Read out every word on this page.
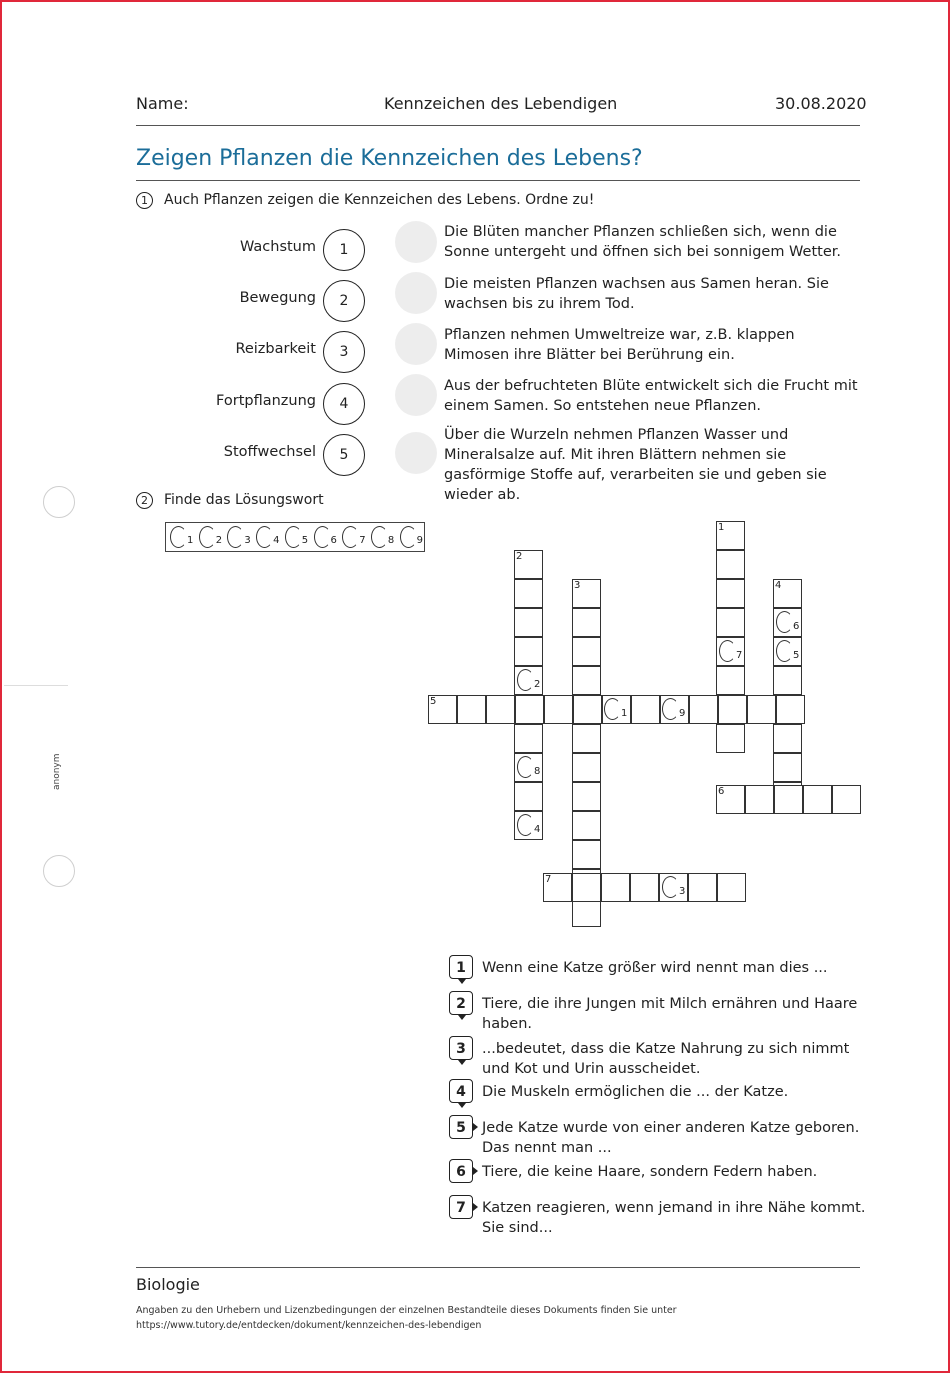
Name:	Kennzeichen des Lebendigen	30.08.2020
Zeigen Pflanzen die Kennzeichen des Lebens?
1	Auch Pflanzen zeigen die Kennzeichen des Lebens. Ordne zu!
Wachstum	1
Bewegung	2
Reizbarkeit	3
Fortpflanzung	4
Stoffwechsel	5
Die Blüten mancher Pflanzen schließen sich, wenn die Sonne untergeht und öffnen sich bei sonnigem Wetter.
Die meisten Pflanzen wachsen aus Samen heran. Sie wachsen bis zu ihrem Tod.
Pflanzen nehmen Umweltreize war, z.B. klappen Mimosen ihre Blätter bei Berührung ein.
Aus der befruchteten Blüte entwickelt sich die Frucht mit einem Samen. So entstehen neue Pflanzen.
Über die Wurzeln nehmen Pflanzen Wasser und Mineralsalze auf. Mit ihren Blättern nehmen sie gasförmige Stoffe auf, verarbeiten sie und geben sie wieder ab.
anonym
2	Finde das Lösungswort
1 2 3 4 5 6 7 8 9
1
2
3	4
5
6
7
2
1	9
7
6
5
8
4
3
1	Wenn eine Katze größer wird nennt man dies ...
2	Tiere, die ihre Jungen mit Milch ernähren und Haare haben.
3	...bedeutet, dass die Katze Nahrung zu sich nimmt und Kot und Urin ausscheidet.
4	Die Muskeln ermöglichen die ... der Katze.
5	Jede Katze wurde von einer anderen Katze geboren. Das nennt man ...
6	Tiere, die keine Haare, sondern Federn haben.
7	Katzen reagieren, wenn jemand in ihre Nähe kommt. Sie sind...
Biologie
Angaben zu den Urhebern und Lizenzbedingungen der einzelnen Bestandteile dieses Dokuments finden Sie unter
https://www.tutory.de/entdecken/dokument/kennzeichen-des-lebendigen
